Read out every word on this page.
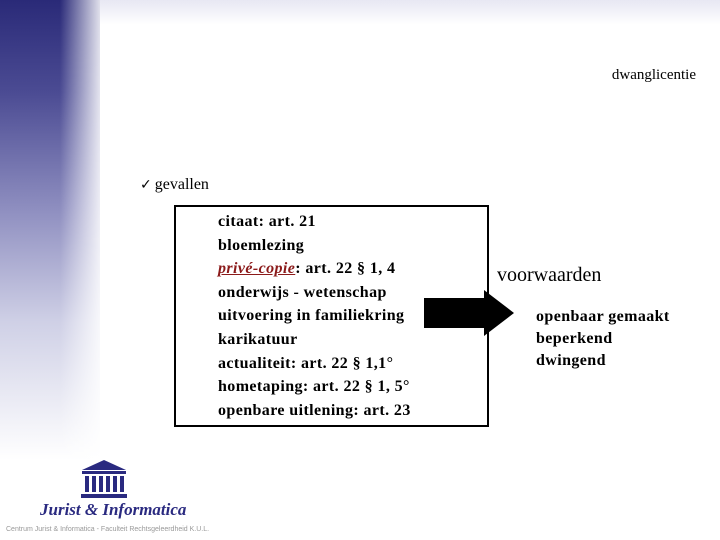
dwanglicentie
✓ gevallen
citaat: art. 21
bloemlezing
privé-copie: art. 22 § 1, 4
onderwijs - wetenschap
uitvoering in familiekring
karikatuur
actualiteit: art. 22 § 1,1°
hometaping: art. 22 § 1, 5°
openbare uitlening: art. 23
voorwaarden
openbaar gemaakt
beperkend
dwingend
Jurist & Informatica
Centrum Jurist & Informatica - Faculteit Rechtsgeleerdheid K.U.L.
